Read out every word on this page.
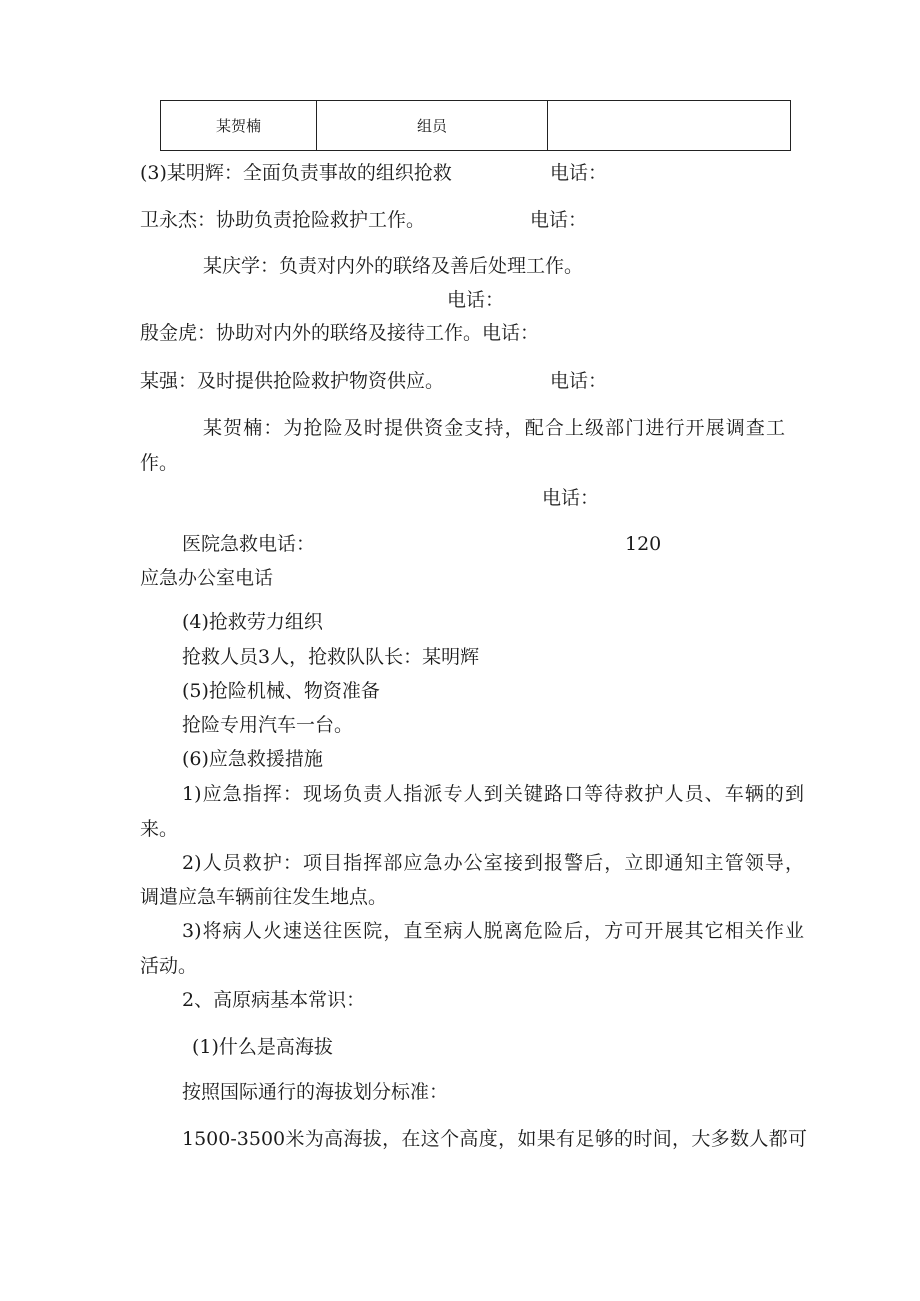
某贺楠	组员	
(3)某明辉：全面负责事故的组织抢救	电话：
卫永杰：协助负责抢险救护工作。	电话：
某庆学：负责对内外的联络及善后处理工作。
电话：
殷金虎：协助对内外的联络及接待工作。电话：
某强：及时提供抢险救护物资供应。	电话：
某贺楠：为抢险及时提供资金支持，配合上级部门进行开展调查工
作。
电话：
医院急救电话：	120
应急办公室电话
(4)抢救劳力组织
抢救人员3人，抢救队队长：某明辉
(5)抢险机械、物资准备
抢险专用汽车一台。
(6)应急救援措施
1)应急指挥：现场负责人指派专人到关键路口等待救护人员、车辆的到
来。
2)人员救护：项目指挥部应急办公室接到报警后，立即通知主管领导，
调遣应急车辆前往发生地点。
3)将病人火速送往医院，直至病人脱离危险后，方可开展其它相关作业
活动。
2、高原病基本常识：
(1)什么是高海拔
按照国际通行的海拔划分标准：
1500-3500米为高海拔，在这个高度，如果有足够的时间，大多数人都可
